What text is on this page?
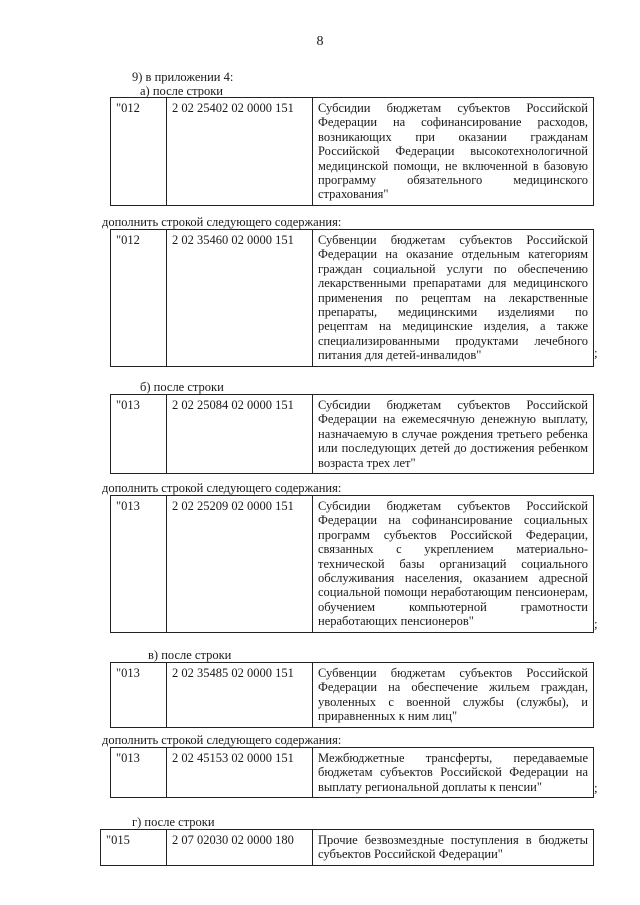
8
9) в приложении 4:
а) после строки
"012	2 02 25402 02 0000 151	Субсидии бюджетам субъектов Российской Федерации на софинансирование расходов, возникающих при оказании гражданам Российской Федерации высокотехнологичной медицинской помощи, не включенной в базовую программу обязательного медицинского страхования"
дополнить строкой следующего содержания:
"012	2 02 35460 02 0000 151	Субвенции бюджетам субъектов Российской Федерации на оказание отдельным категориям граждан социальной услуги по обеспечению лекарственными препаратами для медицинского применения по рецептам на лекарственные препараты, медицинскими изделиями по рецептам на медицинские изделия, а также специализированными продуктами лечебного питания для детей-инвалидов"	;
б) после строки
"013	2 02 25084 02 0000 151	Субсидии бюджетам субъектов Российской Федерации на ежемесячную денежную выплату, назначаемую в случае рождения третьего ребенка или последующих детей до достижения ребенком возраста трех лет"
дополнить строкой следующего содержания:
"013	2 02 25209 02 0000 151	Субсидии бюджетам субъектов Российской Федерации на софинансирование социальных программ субъектов Российской Федерации, связанных с укреплением материально-технической базы организаций социального обслуживания населения, оказанием адресной социальной помощи неработающим пенсионерам, обучением компьютерной грамотности неработающих пенсионеров"	;
в) после строки
"013	2 02 35485 02 0000 151	Субвенции бюджетам субъектов Российской Федерации на обеспечение жильем граждан, уволенных с военной службы (службы), и приравненных к ним лиц"
дополнить строкой следующего содержания:
"013	2 02 45153 02 0000 151	Межбюджетные трансферты, передаваемые бюджетам субъектов Российской Федерации на выплату региональной доплаты к пенсии"	;
г) после строки
"015	2 07 02030 02 0000 180	Прочие безвозмездные поступления в бюджеты субъектов Российской Федерации"
